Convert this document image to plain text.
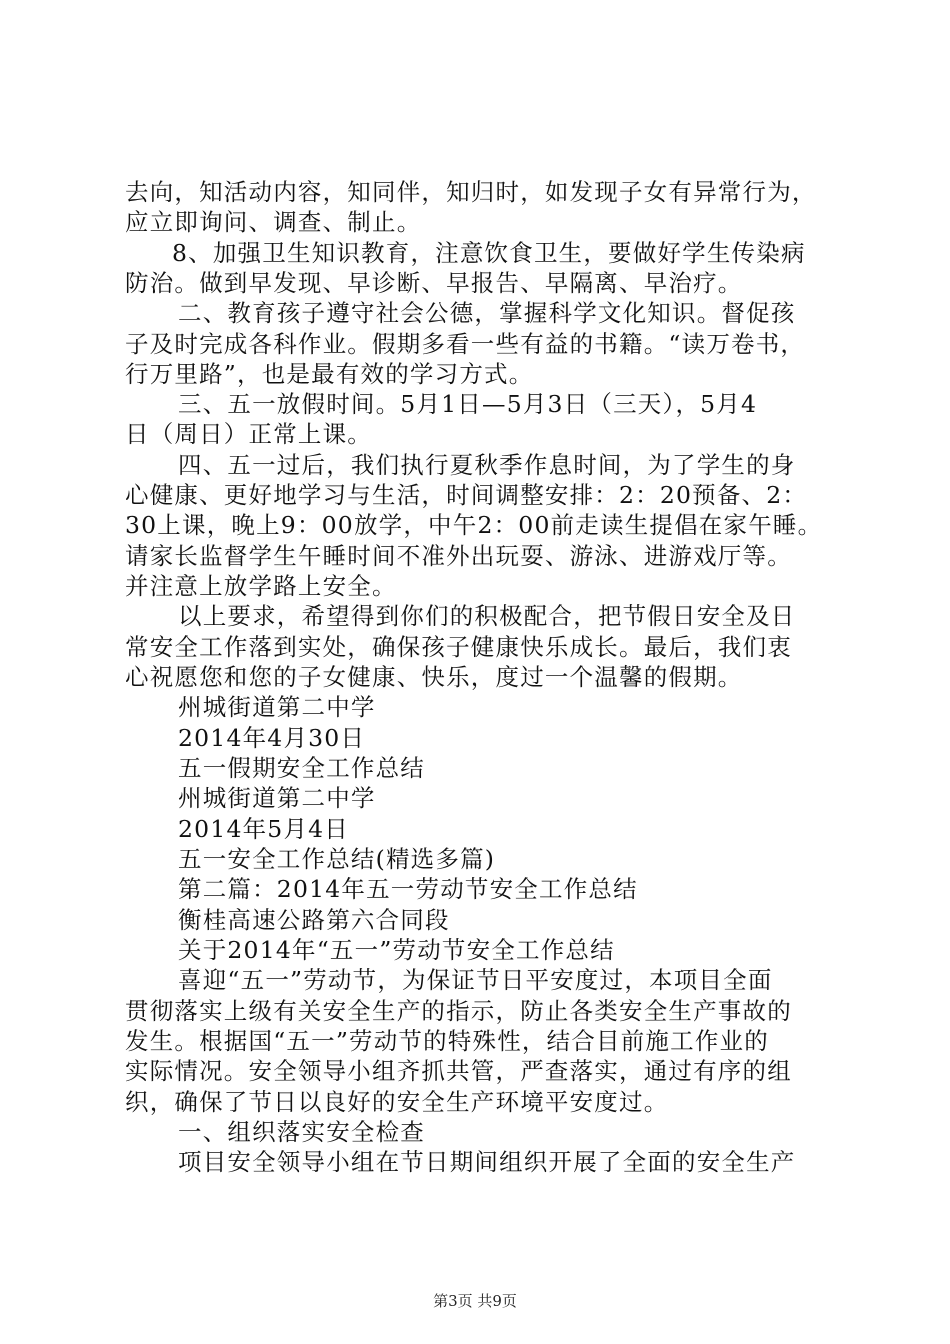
去向，知活动内容，知同伴，知归时，如发现子女有异常行为，
应立即询问、调查、制止。
8、加强卫生知识教育，注意饮食卫生，要做好学生传染病
防治。做到早发现、早诊断、早报告、早隔离、早治疗。
二、教育孩子遵守社会公德，掌握科学文化知识。督促孩
子及时完成各科作业。假期多看一些有益的书籍。“读万卷书，
行万里路”，也是最有效的学习方式。
三、五一放假时间。5月1日—5月3日（三天），5月4
日（周日）正常上课。
四、五一过后，我们执行夏秋季作息时间，为了学生的身
心健康、更好地学习与生活，时间调整安排：2：20预备、2：
30上课，晚上9：00放学，中午2：00前走读生提倡在家午睡。
请家长监督学生午睡时间不准外出玩耍、游泳、进游戏厅等。
并注意上放学路上安全。
以上要求，希望得到你们的积极配合，把节假日安全及日
常安全工作落到实处，确保孩子健康快乐成长。最后，我们衷
心祝愿您和您的子女健康、快乐，度过一个温馨的假期。
州城街道第二中学
2014年4月30日
五一假期安全工作总结
州城街道第二中学
2014年5月4日
五一安全工作总结(精选多篇)
第二篇：2014年五一劳动节安全工作总结
衡桂高速公路第六合同段
关于2014年“五一”劳动节安全工作总结
喜迎“五一”劳动节，为保证节日平安度过，本项目全面
贯彻落实上级有关安全生产的指示，防止各类安全生产事故的
发生。根据国“五一”劳动节的特殊性，结合目前施工作业的
实际情况。安全领导小组齐抓共管，严查落实，通过有序的组
织，确保了节日以良好的安全生产环境平安度过。
一、组织落实安全检查
项目安全领导小组在节日期间组织开展了全面的安全生产
第3页 共9页
